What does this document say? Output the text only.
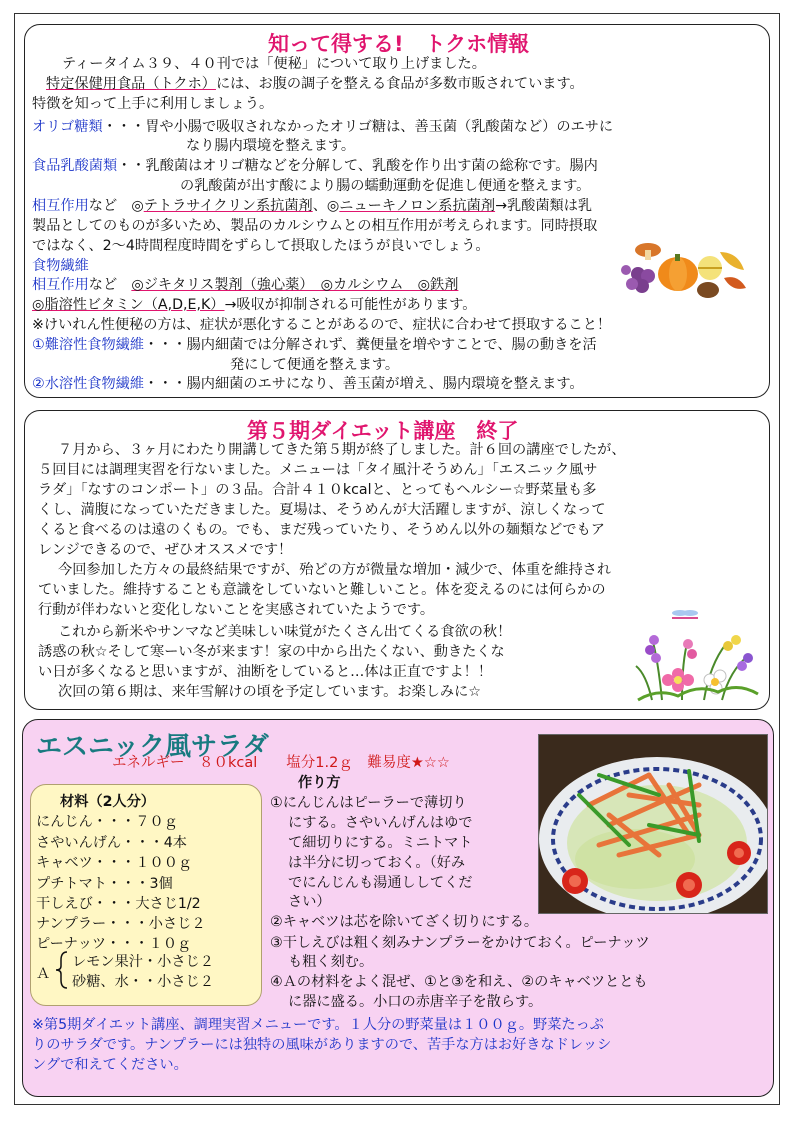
知って得する!　トクホ情報
ティータイム３９、４０刊では「便秘」について取り上げました。
特定保健用食品（トクホ）には、お腹の調子を整える食品が多数市販されています。
特徴を知って上手に利用しましょう。
オリゴ糖類・・・胃や小腸で吸収されなかったオリゴ糖は、善玉菌（乳酸菌など）のエサに
なり腸内環境を整えます。
食品乳酸菌類・・乳酸菌はオリゴ糖などを分解して、乳酸を作り出す菌の総称です。腸内
の乳酸菌が出す酸により腸の蠕動運動を促進し便通を整えます。
相互作用など　◎テトラサイクリン系抗菌剤、◎ニューキノロン系抗菌剤→乳酸菌類は乳
製品としてのものが多いため、製品のカルシウムとの相互作用が考えられます。同時摂取
ではなく、2～4時間程度時間をずらして摂取したほうが良いでしょう。
食物繊維
相互作用など　◎ジキタリス製剤（強心薬）　◎カルシウム　◎鉄剤
◎脂溶性ビタミン（A,D,E,K）→吸収が抑制される可能性があります。
※けいれん性便秘の方は、症状が悪化することがあるので、症状に合わせて摂取すること！
①難溶性食物繊維・・・腸内細菌では分解されず、糞便量を増やすことで、腸の動きを活
発にして便通を整えます。
②水溶性食物繊維・・・腸内細菌のエサになり、善玉菌が増え、腸内環境を整えます。
第５期ダイエット講座　終了
７月から、３ヶ月にわたり開講してきた第５期が終了しました。計６回の講座でしたが、
５回目には調理実習を行ないました。メニューは「タイ風汁そうめん」「エスニック風サ
ラダ」「なすのコンポート」の３品。合計４１０kcalと、とってもヘルシー☆野菜量も多
くし、満腹になっていただきました。夏場は、そうめんが大活躍しますが、涼しくなって
くると食べるのは遠のくもの。でも、まだ残っていたり、そうめん以外の麺類などでもア
レンジできるので、ぜひオススメです！
今回参加した方々の最終結果ですが、殆どの方が微量な増加・減少で、体重を維持され
ていました。維持することも意識をしていないと難しいこと。体を変えるのには何らかの
行動が伴わないと変化しないことを実感されていたようです。
これから新米やサンマなど美味しい味覚がたくさん出てくる食欲の秋！
誘惑の秋☆そして寒ーい冬が来ます！家の中から出たくない、動きたくな
い日が多くなると思いますが、油断をしていると…体は正直ですよ！！
次回の第６期は、来年雪解けの頃を予定しています。お楽しみに☆
エスニック風サラダ
エネルギー　８０kcal　　塩分1.2ｇ　難易度★☆☆
作り方
材料（2人分）
にんじん・・・７０ｇ
さやいんげん・・・4本
キャベツ・・・１００ｇ
プチトマト・・・3個
干しえび・・・大さじ1/2
ナンプラー・・・小さじ２
ピーナッツ・・・１０ｇ
Ａ
レモン果汁・小さじ２
砂糖、水・・小さじ２
①にんじんはピーラーで薄切り
にする。さやいんげんはゆで
て細切りにする。ミニトマト
は半分に切っておく。（好み
でにんじんも湯通ししてくだ
さい）
②キャベツは芯を除いてざく切りにする。
③干しえびは粗く刻みナンプラーをかけておく。ピーナッツ
も粗く刻む。
④Ａの材料をよく混ぜ、①と③を和え、②のキャベツととも
に器に盛る。小口の赤唐辛子を散らす。
※第5期ダイエット講座、調理実習メニューです。１人分の野菜量は１００ｇ。野菜たっぷ
りのサラダです。ナンプラーには独特の風味がありますので、苦手な方はお好きなドレッシ
ングで和えてください。
